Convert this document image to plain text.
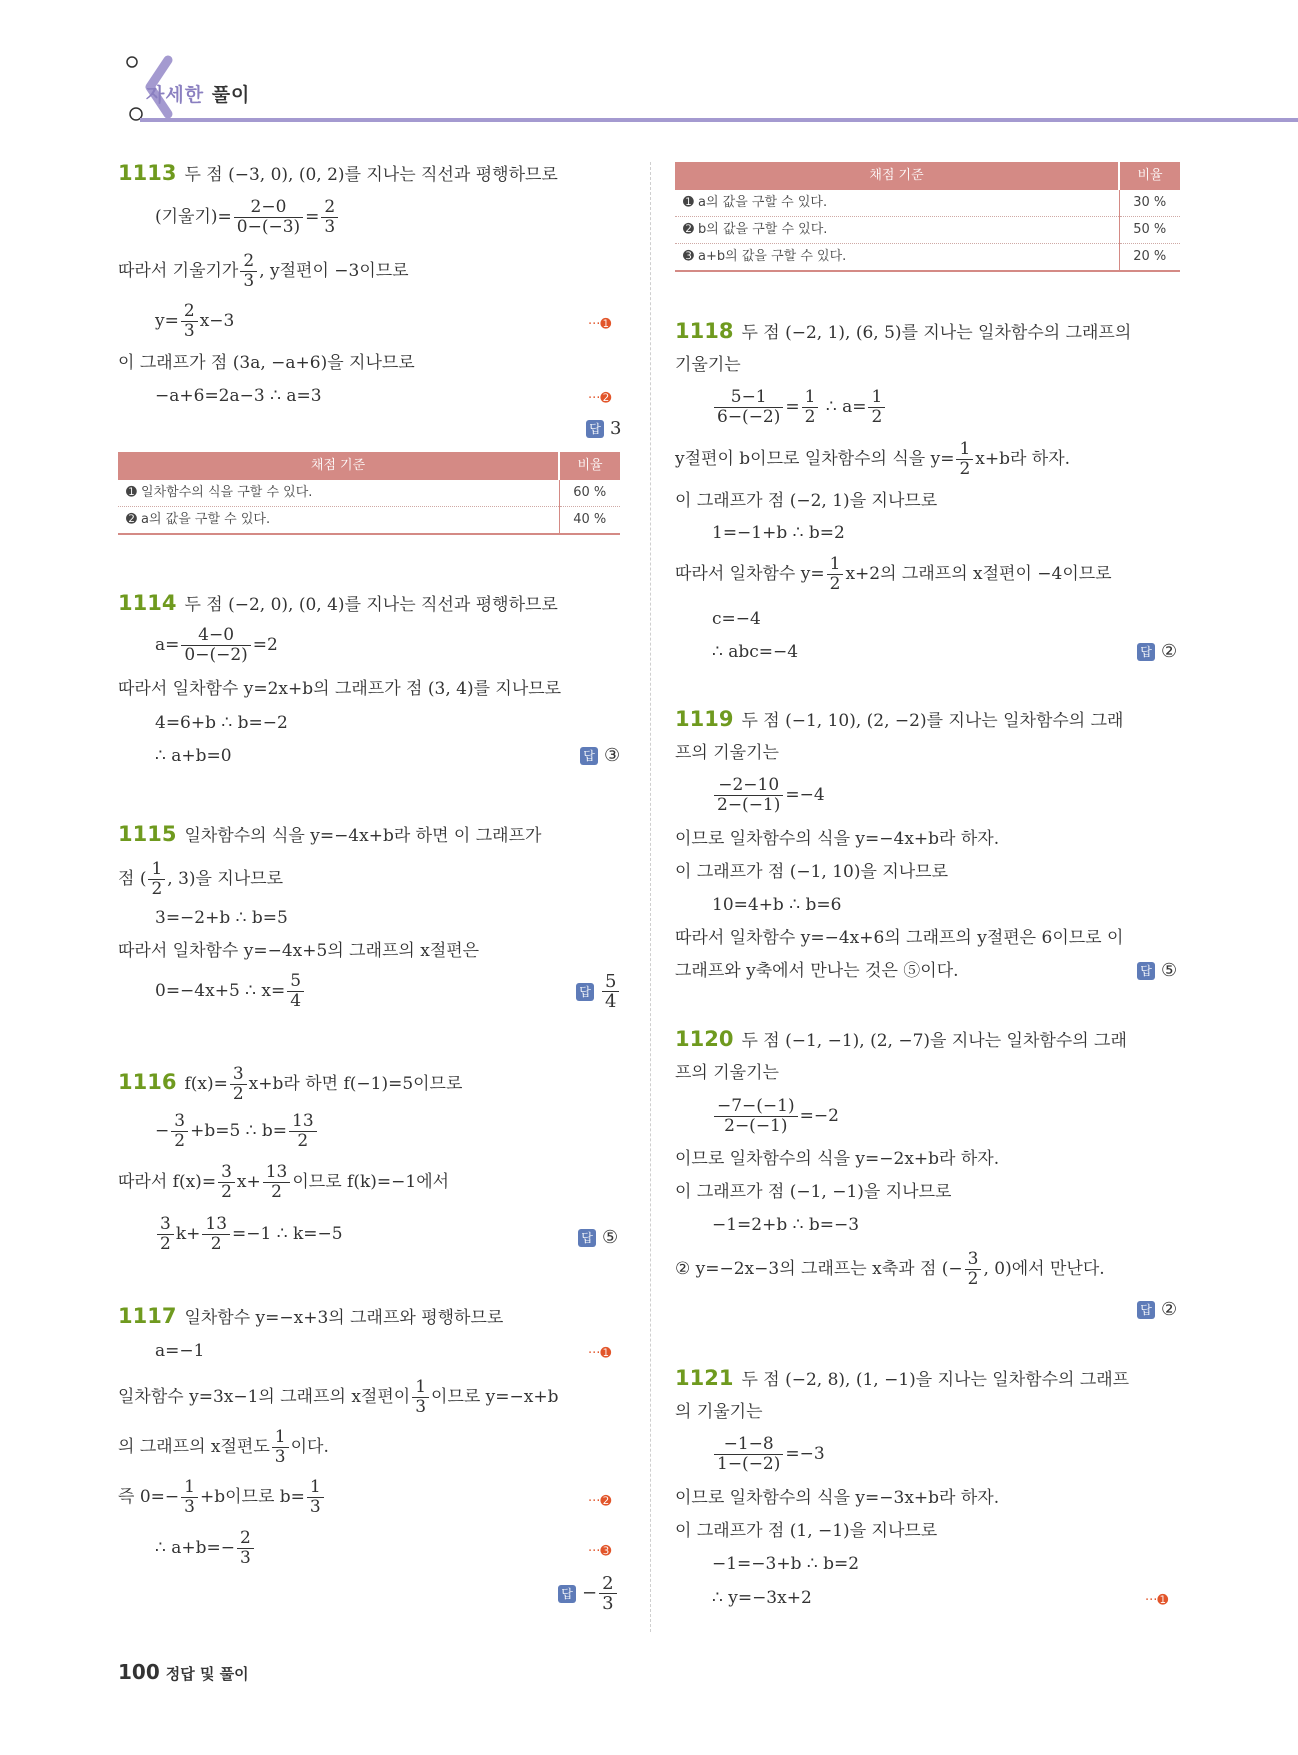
자세한 풀이
1113 두 점 (−3, 0), (0, 2)를 지나는 직선과 평행하므로
(기울기)= $\frac{2-0}{0-(-3)} = \frac{2}{3}$
따라서 기울기가 $\frac{2}{3}$ , y절편이 −3이므로
$y= \frac{2}{3} x-3$	···➊
이 그래프가 점 (3a, −a+6)을 지나므로
−a+6=2a−3 ∴ a=3	···➋
답 3
채점 기준	비율
➊ 일차함수의 식을 구할 수 있다.	60 %
➋ a의 값을 구할 수 있다.	40 %
1114 두 점 (−2, 0), (0, 4)를 지나는 직선과 평행하므로
$a= \frac{4-0}{0-(-2)} =2$
따라서 일차함수 y=2x+b의 그래프가 점 (3, 4)를 지나므로
4=6+b ∴ b=−2
∴ a+b=0	답 ③
1115 일차함수의 식을 y=−4x+b라 하면 이 그래프가
점 ( $\frac{1}{2}$ , 3)을 지나므로
3=−2+b ∴ b=5
따라서 일차함수 y=−4x+5의 그래프의 x절편은
0=−4x+5 ∴ $x= \frac{5}{4}$	답 $\frac{5}{4}$
1116 $f(x)= \frac{3}{2} x+b$라 하면 f(−1)=5이므로
− $\frac{3}{2} +b=5$ ∴ $b= \frac{13}{2}$
따라서 $f(x)= \frac{3}{2} x+ \frac{13}{2}$ 이므로 f(k)=−1에서
$\frac{3}{2} k+ \frac{13}{2} =-1$ ∴ k=−5	답 ⑤
1117 일차함수 y=−x+3의 그래프와 평행하므로
a=−1	···➊
일차함수 y=3x−1의 그래프의 x절편이 $\frac{1}{3}$ 이므로 y=−x+b
의 그래프의 x절편도 $\frac{1}{3}$ 이다.
즉 $0=- \frac{1}{3} +b$이므로 $b= \frac{1}{3}$	···➋
∴ $a+b=- \frac{2}{3}$	···➌
답 − $\frac{2}{3}$
채점 기준	비율
➊ a의 값을 구할 수 있다.	30 %
➋ b의 값을 구할 수 있다.	50 %
➌ a+b의 값을 구할 수 있다.	20 %
1118 두 점 (−2, 1), (6, 5)를 지나는 일차함수의 그래프의
기울기는
$\frac{5-1}{6-(-2)} = \frac{1}{2}$ ∴ $a= \frac{1}{2}$
y절편이 b이므로 일차함수의 식을 $y= \frac{1}{2} x+b$라 하자.
이 그래프가 점 (−2, 1)을 지나므로
1=−1+b ∴ b=2
따라서 일차함수 $y= \frac{1}{2} x+2$의 그래프의 x절편이 −4이므로
c=−4
∴ abc=−4	답 ②
1119 두 점 (−1, 10), (2, −2)를 지나는 일차함수의 그래
프의 기울기는
$\frac{-2-10}{2-(-1)} =-4$
이므로 일차함수의 식을 y=−4x+b라 하자.
이 그래프가 점 (−1, 10)을 지나므로
10=4+b ∴ b=6
따라서 일차함수 y=−4x+6의 그래프의 y절편은 6이므로 이
그래프와 y축에서 만나는 것은 ⑤이다.	답 ⑤
1120 두 점 (−1, −1), (2, −7)을 지나는 일차함수의 그래
프의 기울기는
$\frac{-7-(-1)}{2-(-1)} =-2$
이므로 일차함수의 식을 y=−2x+b라 하자.
이 그래프가 점 (−1, −1)을 지나므로
−1=2+b ∴ b=−3
② y=−2x−3의 그래프는 x축과 점 (− $\frac{3}{2}$ , 0)에서 만난다.
답 ②
1121 두 점 (−2, 8), (1, −1)을 지나는 일차함수의 그래프
의 기울기는
$\frac{-1-8}{1-(-2)} =-3$
이므로 일차함수의 식을 y=−3x+b라 하자.
이 그래프가 점 (1, −1)을 지나므로
−1=−3+b ∴ b=2
∴ y=−3x+2	···➊
100 정답 및 풀이
